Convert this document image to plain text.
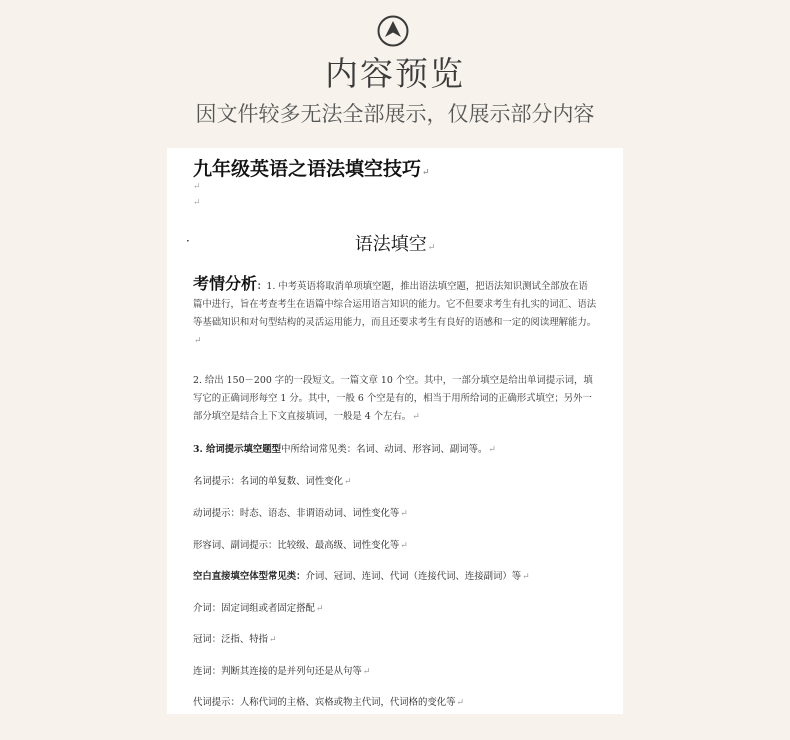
内容预览
因文件较多无法全部展示，仅展示部分内容
九年级英语之语法填空技巧↵
↵
↵
·	语法填空↵
考情分析：1. 中考英语将取消单项填空题，推出语法填空题，把语法知识测试全部放在语篇中进行，旨在考查考生在语篇中综合运用语言知识的能力。它不但要求考生有扎实的词汇、语法等基础知识和对句型结构的灵活运用能力，而且还要求考生有良好的语感和一定的阅读理解能力。↵
2. 给出 150－200 字的一段短文。一篇文章 10 个空。其中，一部分填空是给出单词提示词，填写它的正确词形每空 1 分。其中，一般 6 个空是有的，相当于用所给词的正确形式填空；另外一部分填空是结合上下文直接填词，一般是 4 个左右。↵
3. 给词提示填空题型中所给词常见类：名词、动词、形容词、副词等。↵
名词提示：名词的单复数、词性变化↵
动词提示：时态、语态、非谓语动词、词性变化等↵
形容词、副词提示：比较级、最高级、词性变化等↵
空白直接填空体型常见类：介词、冠词、连词、代词（连接代词、连接副词）等↵
介词：固定词组或者固定搭配↵
冠词：泛指、特指↵
连词：判断其连接的是并列句还是从句等↵
代词提示：人称代词的主格、宾格或物主代词，代词格的变化等↵
